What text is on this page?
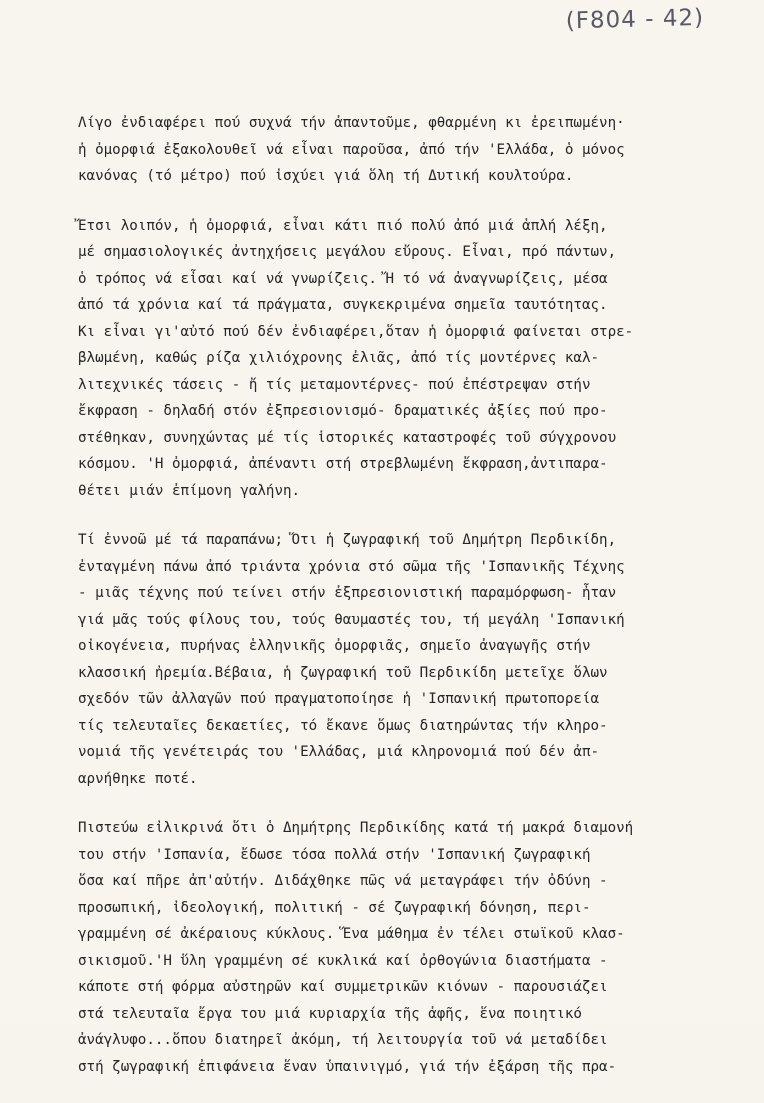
(F804 - 42)

Λίγο ἐνδιαφέρει πού συχνά τήν ἀπαντοῦμε, φθαρμένη κι ἐρειπωμένη·
ἡ ὀμορφιά ἐξακολουθεῖ νά εἶναι παροῦσα, ἀπό τήν 'Ελλάδα, ὁ μόνος
κανόνας (τό μέτρο) πού ἰσχύει γιά ὅλη τή Δυτική κουλτούρα.

Ἔτσι λοιπόν, ἡ ὀμορφιά, εἶναι κάτι πιό πολύ ἀπό μιά ἁπλή λέξη,
μέ σημασιολογικές ἀντηχήσεις μεγάλου εὔρους. Εἶναι, πρό πάντων,
ὁ τρόπος νά εἶσαι καί νά γνωρίζεις. Ἤ τό νά ἀναγνωρίζεις, μέσα
ἀπό τά χρόνια καί τά πράγματα, συγκεκριμένα σημεῖα ταυτότητας.
Κι εἶναι γι'αὐτό πού δέν ἐνδιαφέρει,ὅταν ἡ ὀμορφιά φαίνεται στρε-
βλωμένη, καθώς ρίζα χιλιόχρονης ἐλιᾶς, ἀπό τίς μοντέρνες καλ-
λιτεχνικές τάσεις - ἤ τίς μεταμοντέρνες- πού ἐπέστρεψαν στήν
ἔκφραση - δηλαδή στόν ἐξπρεσιονισμό- δραματικές ἀξίες πού προ-
στέθηκαν, συνηχώντας μέ τίς ἱστορικές καταστροφές τοῦ σύγχρονου
κόσμου. 'Η ὀμορφιά, ἀπέναντι στή στρεβλωμένη ἔκφραση,ἀντιπαρα-
θέτει μιάν ἐπίμονη γαλήνη.

Τί ἐννοῶ μέ τά παραπάνω; Ὅτι ἡ ζωγραφική τοῦ Δημήτρη Περδικίδη,
ἐνταγμένη πάνω ἀπό τριάντα χρόνια στό σῶμα τῆς 'Ισπανικῆς Τέχνης
- μιᾶς τέχνης πού τείνει στήν ἐξπρεσιονιστική παραμόρφωση- ἦταν
γιά μᾶς τούς φίλους του, τούς θαυμαστές του, τή μεγάλη 'Ισπανική
οἰκογένεια, πυρήνας ἑλληνικῆς ὀμορφιᾶς, σημεῖο ἀναγωγῆς στήν
κλασσική ἠρεμία.Βέβαια, ἡ ζωγραφική τοῦ Περδικίδη μετεῖχε ὅλων
σχεδόν τῶν ἀλλαγῶν πού πραγματοποίησε ἡ 'Ισπανική πρωτοπορεία
τίς τελευταῖες δεκαετίες, τό ἔκανε ὅμως διατηρώντας τήν κληρο-
νομιά τῆς γενέτειράς του 'Ελλάδας, μιά κληρονομιά πού δέν ἀπ-
αρνήθηκε ποτέ.

Πιστεύω εἰλικρινά ὅτι ὁ Δημήτρης Περδικίδης κατά τή μακρά διαμονή
του στήν 'Ισπανία, ἔδωσε τόσα πολλά στήν 'Ισπανική ζωγραφική
ὅσα καί πῆρε ἀπ'αὐτήν. Διδάχθηκε πῶς νά μεταγράφει τήν ὀδύνη -
προσωπική, ἰδεολογική, πολιτική - σέ ζωγραφική δόνηση, περι-
γραμμένη σέ ἀκέραιους κύκλους. Ἕνα μάθημα ἐν τέλει στωϊκοῦ κλασ-
σικισμοῦ.'Η ὕλη γραμμένη σέ κυκλικά καί ὀρθογώνια διαστήματα -
κάποτε στή φόρμα αὐστηρῶν καί συμμετρικῶν κιόνων - παρουσιάζει
στά τελευταῖα ἔργα του μιά κυριαρχία τῆς ἀφῆς, ἕνα ποιητικό
ἀνάγλυφο...ὅπου διατηρεῖ ἀκόμη, τή λειτουργία τοῦ νά μεταδίδει
στή ζωγραφική ἐπιφάνεια ἕναν ὑπαινιγμό, γιά τήν ἐξάρση τῆς πρα-
